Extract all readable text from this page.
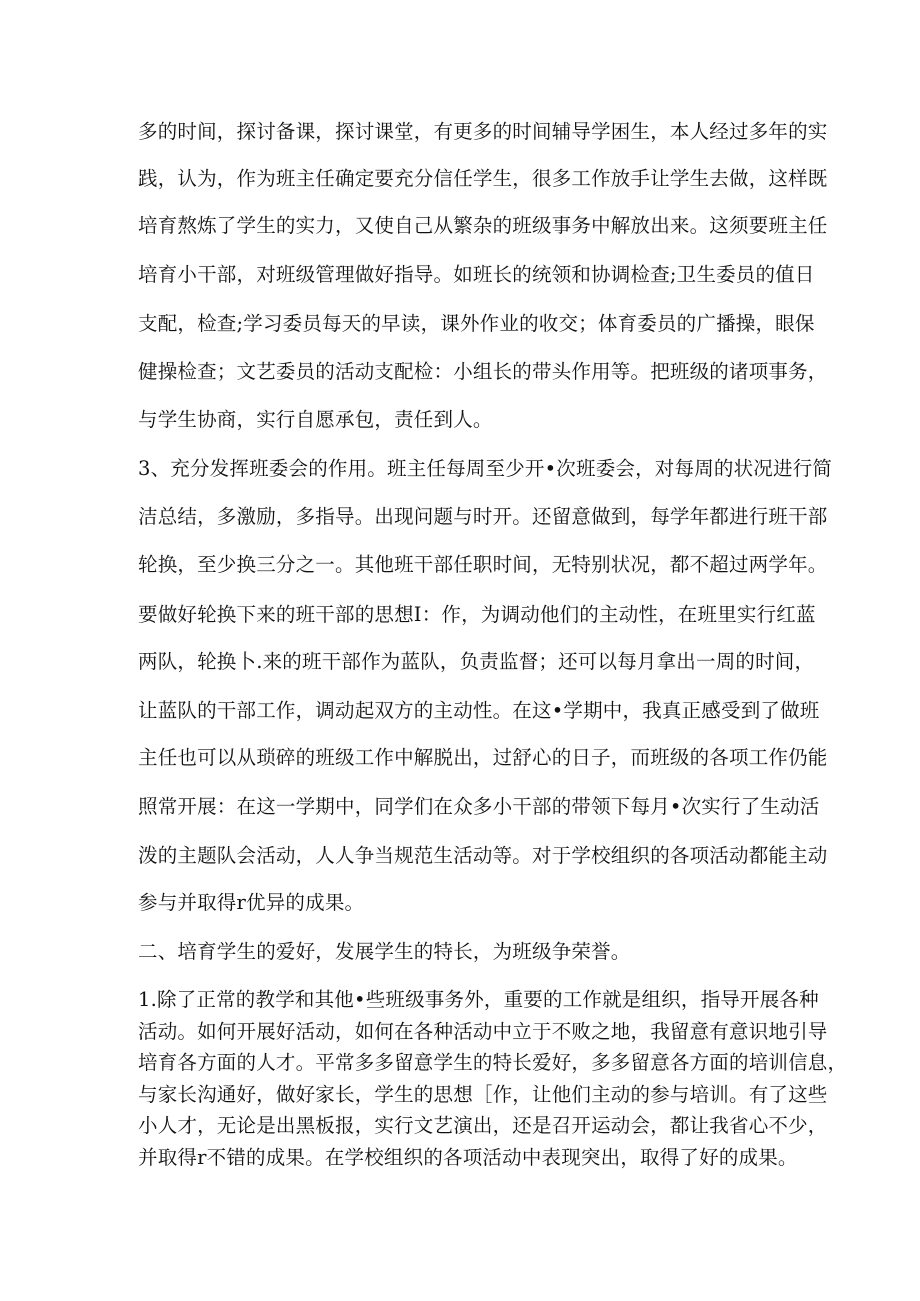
多的时间，探讨备课，探讨课堂，有更多的时间辅导学困生，本人经过多年的实
践，认为，作为班主任确定要充分信任学生，很多工作放手让学生去做，这样既
培育熬炼了学生的实力，又使自己从繁杂的班级事务中解放出来。这须要班主任
培育小干部，对班级管理做好指导。如班长的统领和协调检查;卫生委员的值日
支配，检查;学习委员每天的早读，课外作业的收交；体育委员的广播操，眼保
健操检查；文艺委员的活动支配检：小组长的带头作用等。把班级的诸项事务，
与学生协商，实行自愿承包，责任到人。
3、充分发挥班委会的作用。班主任每周至少开•次班委会，对每周的状况进行简
洁总结，多激励，多指导。出现问题与时开。还留意做到，每学年都进行班干部
轮换，至少换三分之一。其他班干部任职时间，无特别状况，都不超过两学年。
要做好轮换下来的班干部的思想I：作，为调动他们的主动性，在班里实行红蓝
两队，轮换卜.来的班干部作为蓝队，负责监督；还可以每月拿出一周的时间，
让蓝队的干部工作，调动起双方的主动性。在这•学期中，我真正感受到了做班
主任也可以从琐碎的班级工作中解脱出，过舒心的日子，而班级的各项工作仍能
照常开展：在这一学期中，同学们在众多小干部的带领下每月•次实行了生动活
泼的主题队会活动，人人争当规范生活动等。对于学校组织的各项活动都能主动
参与并取得r优异的成果。
二、培育学生的爱好，发展学生的特长，为班级争荣誉。
1.除了正常的教学和其他•些班级事务外，重要的工作就是组织，指导开展各种
活动。如何开展好活动，如何在各种活动中立于不败之地，我留意有意识地引导
培育各方面的人才。平常多多留意学生的特长爱好，多多留意各方面的培训信息，
与家长沟通好，做好家长，学生的思想［作，让他们主动的参与培训。有了这些
小人才，无论是出黑板报，实行文艺演出，还是召开运动会，都让我省心不少，
并取得r不错的成果。在学校组织的各项活动中表现突出，取得了好的成果。
